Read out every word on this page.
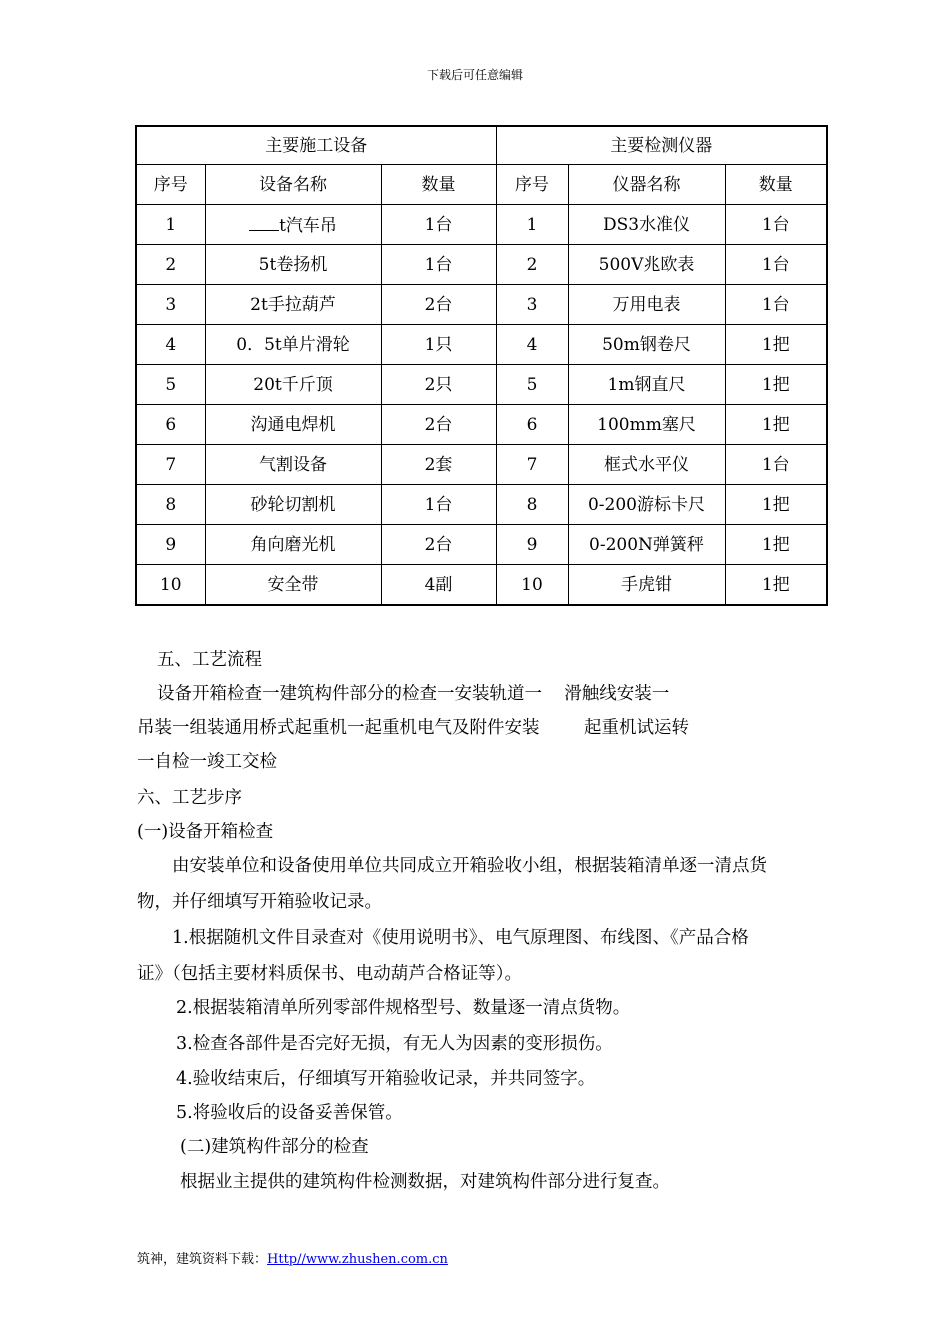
下载后可任意编辑
主要施工设备			主要检测仪器		
序号	设备名称	数量	序号	仪器名称	数量
1	t汽车吊	1台	1	DS3水准仪	1台
2	5t卷扬机	1台	2	500V兆欧表	1台
3	2t手拉葫芦	2台	3	万用电表	1台
4	0．5t单片滑轮	1只	4	50m钢卷尺	1把
5	20t千斤顶	2只	5	1m钢直尺	1把
6	沟通电焊机	2台	6	100mm塞尺	1把
7	气割设备	2套	7	框式水平仪	1台
8	砂轮切割机	1台	8	0-200游标卡尺	1把
9	角向磨光机	2台	9	0-200N弹簧秤	1把
10	安全带	4副	10	手虎钳	1把
五、工艺流程
设备开箱检查一建筑构件部分的检查一安装轨道一    滑触线安装一
吊装一组装通用桥式起重机一起重机电气及附件安装        起重机试运转
一自检一竣工交检
六、工艺步序
(一)设备开箱检查
由安装单位和设备使用单位共同成立开箱验收小组，根据装箱清单逐一清点货
物，并仔细填写开箱验收记录。
1.根据随机文件目录查对《使用说明书》、电气原理图、布线图、《产品合格
证》（包括主要材料质保书、电动葫芦合格证等）。
2.根据装箱清单所列零部件规格型号、数量逐一清点货物。
3.检查各部件是否完好无损，有无人为因素的变形损伤。
4.验收结束后，仔细填写开箱验收记录，并共同签字。
5.将验收后的设备妥善保管。
(二)建筑构件部分的检查
根据业主提供的建筑构件检测数据，对建筑构件部分进行复查。
筑神，建筑资料下载：Http//www.zhushen.com.cn
